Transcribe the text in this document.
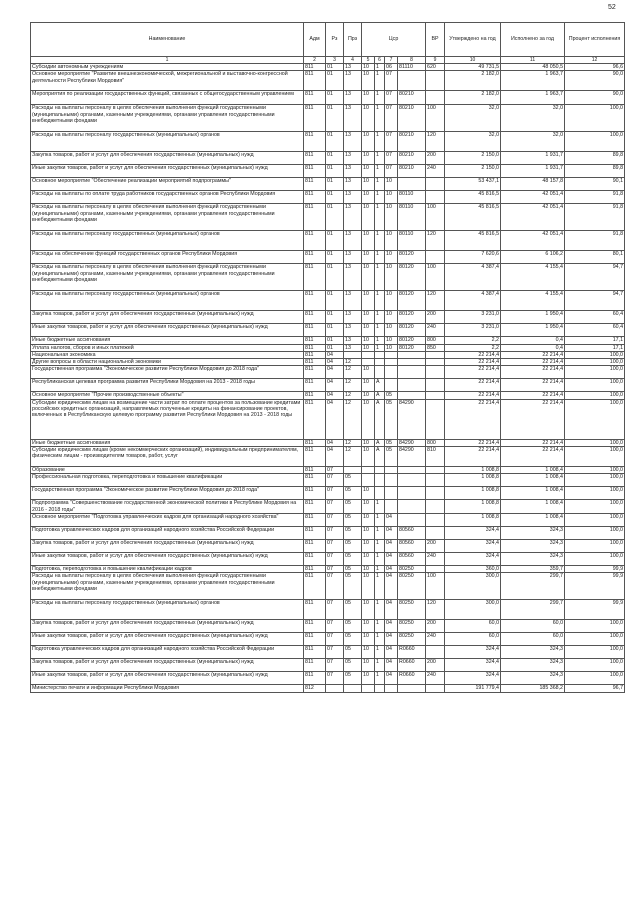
52
Наименование	Адм	Рз	Прз	Цср				ВР	Утверждено на год	Исполнено за год	Процент исполнения
1	2	3	4	5	6	7	8	9	10	11	12
Субсидии автономным учреждениям	811	01	13	10	1	06	81110	620	49 731,5	48 050,5	96,6
Основное мероприятие "Развитие внешнеэкономической, межрегиональной и выставочно-конгрессной деятельности Республики Мордовия"	811	01	13	10	1	07			2 182,0	1 963,7	90,0
Мероприятия по реализации государственных функций, связанных с общегосударственным управлением	811	01	13	10	1	07	80210		2 182,0	1 963,7	90,0
Расходы на выплаты персоналу в целях обеспечения выполнения функций государственными (муниципальными) органами, казенными учреждениями, органами управления государственными внебюджетными фондами	811	01	13	10	1	07	80210	100	32,0	32,0	100,0
Расходы на выплаты персоналу государственных (муниципальных) органов	811	01	13	10	1	07	80210	120	32,0	32,0	100,0
Закупка товаров, работ и услуг для обеспечения государственных (муниципальных) нужд	811	01	13	10	1	07	80210	200	2 150,0	1 931,7	89,8
Иные закупки товаров, работ и услуг для обеспечения государственных (муниципальных) нужд	811	01	13	10	1	07	80210	240	2 150,0	1 931,7	89,8
Основное мероприятие "Обеспечение реализации мероприятий подпрограммы"	811	01	13	10	1	10			53 437,1	48 157,8	90,1
Расходы на выплаты по оплате труда работников государственных органов Республики Мордовия	811	01	13	10	1	10	80110		45 816,5	42 051,4	91,8
Расходы на выплаты персоналу в целях обеспечения выполнения функций государственными (муниципальными) органами, казенными учреждениями, органами управления государственными внебюджетными фондами	811	01	13	10	1	10	80110	100	45 816,5	42 051,4	91,8
Расходы на выплаты персоналу государственных (муниципальных) органов	811	01	13	10	1	10	80110	120	45 816,5	42 051,4	91,8
Расходы на обеспечение функций государственных органов Республики Мордовия	811	01	13	10	1	10	80120		7 620,6	6 106,2	80,1
Расходы на выплаты персоналу в целях обеспечения выполнения функций государственными (муниципальными) органами, казенными учреждениями, органами управления государственными внебюджетными фондами	811	01	13	10	1	10	80120	100	4 387,4	4 155,4	94,7
Расходы на выплаты персоналу государственных (муниципальных) органов	811	01	13	10	1	10	80120	120	4 387,4	4 155,4	94,7
Закупка товаров, работ и услуг для обеспечения государственных (муниципальных) нужд	811	01	13	10	1	10	80120	200	3 231,0	1 950,4	60,4
Иные закупки товаров, работ и услуг для обеспечения государственных (муниципальных) нужд	811	01	13	10	1	10	80120	240	3 231,0	1 950,4	60,4
Иные бюджетные ассигнования	811	01	13	10	1	10	80120	800	2,2	0,4	17,1
Уплата налогов, сборов и иных платежей	811	01	13	10	1	10	80120	850	2,2	0,4	17,1
Национальная экономика	811	04							22 214,4	22 214,4	100,0
Другие вопросы в области национальной экономики	811	04	12						22 214,4	22 214,4	100,0
Государственная программа "Экономическое развитие Республики Мордовия до 2018 года"	811	04	12	10					22 214,4	22 214,4	100,0
Республиканская целевая программа развития Республики Мордовия на 2013 - 2018 годы	811	04	12	10	А				22 214,4	22 214,4	100,0
Основное мероприятие "Прочие производственные объекты"	811	04	12	10	А	05			22 214,4	22 214,4	100,0
Субсидии юридическим лицам на возмещение части затрат по оплате процентов за пользование кредитами российских кредитных организаций, направляемых полученные кредиты на финансирование проектов, включенных в Республиканскую целевую программу развития Республики Мордовия на 2013 - 2018 годы	811	04	12	10	А	05	84290		22 214,4	22 214,4	100,0
Иные бюджетные ассигнования	811	04	12	10	А	05	84290	800	22 214,4	22 214,4	100,0
Субсидии юридическим лицам (кроме некоммерческих организаций), индивидуальным предпринимателям, физическим лицам - производителям товаров, работ, услуг	811	04	12	10	А	05	84290	810	22 214,4	22 214,4	100,0
Образование	811	07							1 008,8	1 008,4	100,0
Профессиональная подготовка, переподготовка и повышение квалификации	811	07	05						1 008,8	1 008,4	100,0
Государственная программа "Экономическое развитие Республики Мордовия до 2018 года"	811	07	05	10					1 008,8	1 008,4	100,0
Подпрограмма "Совершенствование государственной экономической политики в Республике Мордовия на 2016 - 2018 годы"	811	07	05	10	1				1 008,8	1 008,4	100,0
Основное мероприятие "Подготовка управленческих кадров для организаций народного хозяйства"	811	07	05	10	1	04			1 008,8	1 008,4	100,0
Подготовка управленческих кадров для организаций народного хозяйства Российской Федерации	811	07	05	10	1	04	80560		324,4	324,3	100,0
Закупка товаров, работ и услуг для обеспечения государственных (муниципальных) нужд	811	07	05	10	1	04	80560	200	324,4	324,3	100,0
Иные закупки товаров, работ и услуг для обеспечения государственных (муниципальных) нужд	811	07	05	10	1	04	80560	240	324,4	324,3	100,0
Подготовка, переподготовка и повышение квалификации кадров	811	07	05	10	1	04	80250		360,0	359,7	99,9
Расходы на выплаты персоналу в целях обеспечения выполнения функций государственными (муниципальными) органами, казенными учреждениями, органами управления государственными внебюджетными фондами	811	07	05	10	1	04	80250	100	300,0	299,7	99,9
Расходы на выплаты персоналу государственных (муниципальных) органов	811	07	05	10	1	04	80250	120	300,0	299,7	99,9
Закупка товаров, работ и услуг для обеспечения государственных (муниципальных) нужд	811	07	05	10	1	04	80250	200	60,0	60,0	100,0
Иные закупки товаров, работ и услуг для обеспечения государственных (муниципальных) нужд	811	07	05	10	1	04	80250	240	60,0	60,0	100,0
Подготовка управленческих кадров для организаций народного хозяйства Российской Федерации	811	07	05	10	1	04	R0660		324,4	324,3	100,0
Закупка товаров, работ и услуг для обеспечения государственных (муниципальных) нужд	811	07	05	10	1	04	R0660	200	324,4	324,3	100,0
Иные закупки товаров, работ и услуг для обеспечения государственных (муниципальных) нужд	811	07	05	10	1	04	R0660	240	324,4	324,3	100,0
Министерство печати и информации Республики Мордовия	812								191 779,4	185 368,2	96,7
